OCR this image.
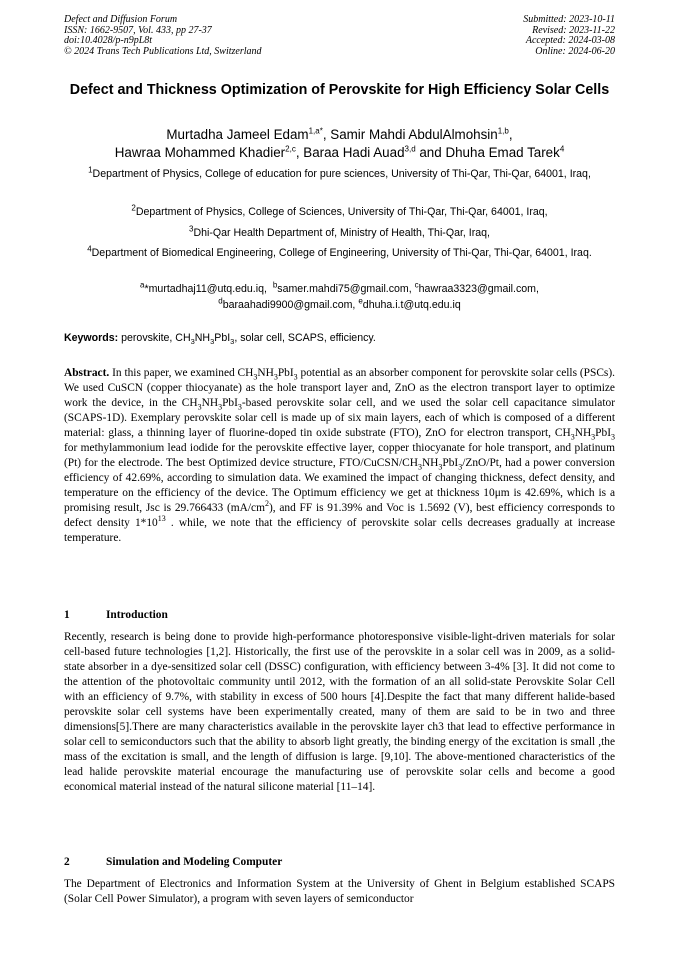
Defect and Diffusion Forum
ISSN: 1662-9507, Vol. 433, pp 27-37
doi:10.4028/p-n9pL8t
© 2024 Trans Tech Publications Ltd, Switzerland
Submitted: 2023-10-11
Revised: 2023-11-22
Accepted: 2024-03-08
Online: 2024-06-20
Defect and Thickness Optimization of Perovskite for High Efficiency Solar Cells
Murtadha Jameel Edam$^{1,a*}$, Samir Mahdi AbdulAlmohsin$^{1,b}$,
Hawraa Mohammed Khadier$^{2,c}$, Baraa Hadi Auad$^{3,d}$ and Dhuha Emad Tarek$^4$
$^1$Department of Physics, College of education for pure sciences, University of Thi-Qar, Thi-Qar, 64001, Iraq,
$^2$Department of Physics, College of Sciences, University of Thi-Qar, Thi-Qar, 64001, Iraq,
$^3$Dhi-Qar Health Department of, Ministry of Health, Thi-Qar, Iraq,
$^4$Department of Biomedical Engineering, College of Engineering, University of Thi-Qar, Thi-Qar, 64001, Iraq.
$^a$*murtadhaj11@utq.edu.iq, $^b$samer.mahdi75@gmail.com, $^c$hawraa3323@gmail.com,
$^d$baraahadi9900@gmail.com, $^e$dhuha.i.t@utq.edu.iq
Keywords: perovskite, $CH_3NH_3PbI_3$, solar cell, SCAPS, efficiency.
Abstract. In this paper, we examined $CH_3NH_3PbI_3$ potential as an absorber component for perovskite solar cells (PSCs). We used CuSCN (copper thiocyanate) as the hole transport layer and, ZnO as the electron transport layer to optimize work the device, in the $CH_3NH_3PbI_3$-based perovskite solar cell, and we used the solar cell capacitance simulator (SCAPS-1D). Exemplary perovskite solar cell is made up of six main layers, each of which is composed of a different material: glass, a thinning layer of fluorine-doped tin oxide substrate (FTO), ZnO for electron transport, $CH_3NH_3PbI_3$ for methylammonium lead iodide for the perovskite effective layer, copper thiocyanate for hole transport, and platinum (Pt) for the electrode. The best Optimized device structure, FTO/$CuCSN/CH_3NH_3PbI_3/ZnO/Pt$, had a power conversion efficiency of 42.69%, according to simulation data. We examined the impact of changing thickness, defect density, and temperature on the efficiency of the device. The Optimum efficiency we get at thickness 10μm is 42.69%, which is a promising result, Jsc is 29.766433 $(mA/cm^2)$, and FF is 91.39% and Voc is 1.5692 (V), best efficiency corresponds to defect density $1*10^{13}$ . while, we note that the efficiency of perovskite solar cells decreases gradually at increase temperature.
1	Introduction
Recently, research is being done to provide high-performance photoresponsive visible-light-driven materials for solar cell-based future technologies [1,2]. Historically, the first use of the perovskite in a solar cell was in 2009, as a solid-state absorber in a dye-sensitized solar cell (DSSC) configuration, with efficiency between 3-4% [3]. It did not come to the attention of the photovoltaic community until 2012, with the formation of an all solid-state Perovskite Solar Cell with an efficiency of 9.7%, with stability in excess of 500 hours [4].Despite the fact that many different halide-based perovskite solar cell systems have been experimentally created, many of them are said to be in two and three dimensions[5].There are many characteristics available in the perovskite layer ch3 that lead to effective performance in solar cell to semiconductors such that the ability to absorb light greatly, the binding energy of the excitation is small ,the mass of the excitation is small, and the length of diffusion is large. [9,10]. The above-mentioned characteristics of the lead halide perovskite material encourage the manufacturing use of perovskite solar cells and become a good economical material instead of the natural silicone material [11–14].
2	Simulation and Modeling Computer
The Department of Electronics and Information System at the University of Ghent in Belgium established SCAPS (Solar Cell Power Simulator), a program with seven layers of semiconductor
